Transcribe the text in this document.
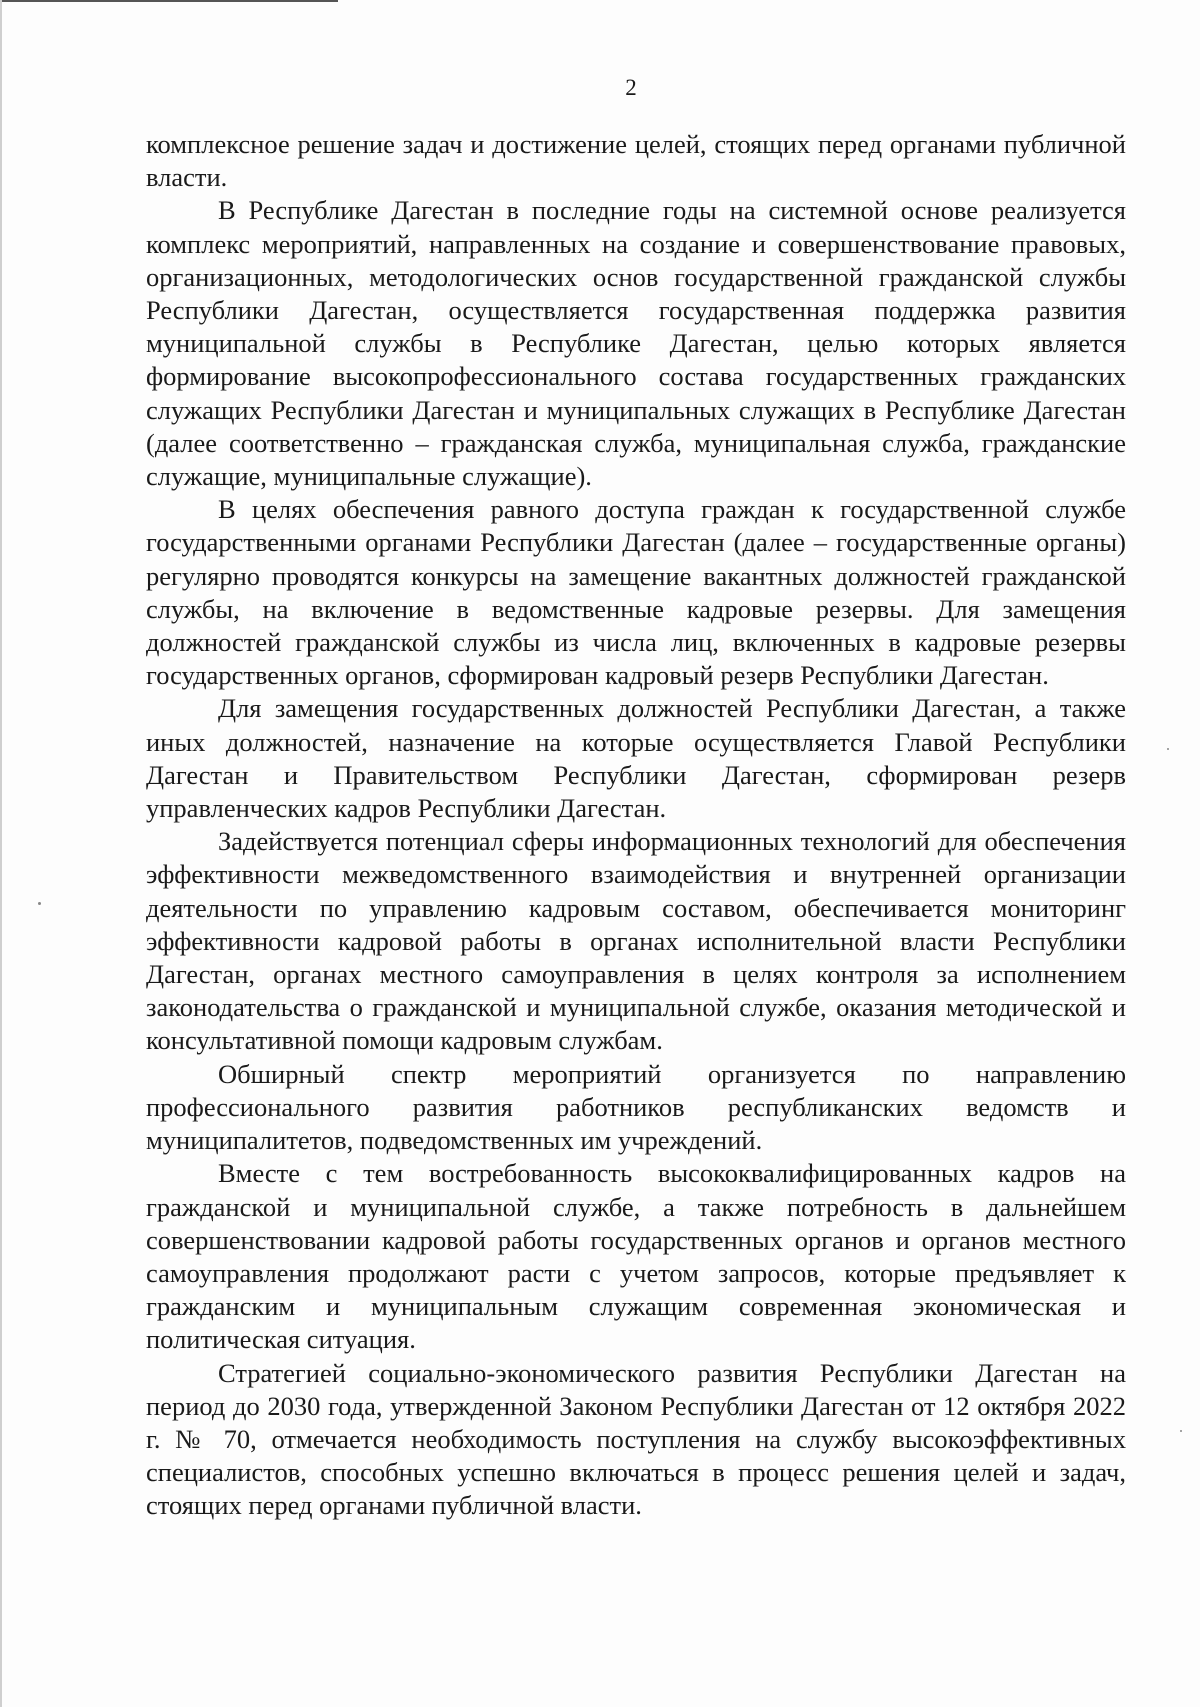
2

комплексное решение задач и достижение целей, стоящих перед органами публичной власти.

В Республике Дагестан в последние годы на системной основе реализуется комплекс мероприятий, направленных на создание и совершенствование правовых, организационных, методологических основ государственной гражданской службы Республики Дагестан, осуществляется государственная поддержка развития муниципальной службы в Республике Дагестан, целью которых является формирование высокопрофессионального состава государственных гражданских служащих Республики Дагестан и муниципальных служащих в Республике Дагестан (далее соответственно – гражданская служба, муниципальная служба, гражданские служащие, муниципальные служащие).

В целях обеспечения равного доступа граждан к государственной службе государственными органами Республики Дагестан (далее – государственные органы) регулярно проводятся конкурсы на замещение вакантных должностей гражданской службы, на включение в ведомственные кадровые резервы. Для замещения должностей гражданской службы из числа лиц, включенных в кадровые резервы государственных органов, сформирован кадровый резерв Республики Дагестан.

Для замещения государственных должностей Республики Дагестан, а также иных должностей, назначение на которые осуществляется Главой Республики Дагестан и Правительством Республики Дагестан, сформирован резерв управленческих кадров Республики Дагестан.

Задействуется потенциал сферы информационных технологий для обеспечения эффективности межведомственного взаимодействия и внутренней организации деятельности по управлению кадровым составом, обеспечивается мониторинг эффективности кадровой работы в органах исполнительной власти Республики Дагестан, органах местного самоуправления в целях контроля за исполнением законодательства о гражданской и муниципальной службе, оказания методической и консультативной помощи кадровым службам.

Обширный спектр мероприятий организуется по направлению профессионального развития работников республиканских ведомств и муниципалитетов, подведомственных им учреждений.

Вместе с тем востребованность высококвалифицированных кадров на гражданской и муниципальной службе, а также потребность в дальнейшем совершенствовании кадровой работы государственных органов и органов местного самоуправления продолжают расти с учетом запросов, которые предъявляет к гражданским и муниципальным служащим современная экономическая и политическая ситуация.

Стратегией социально-экономического развития Республики Дагестан на период до 2030 года, утвержденной Законом Республики Дагестан от 12 октября 2022 г. № 70, отмечается необходимость поступления на службу высокоэффективных специалистов, способных успешно включаться в процесс решения целей и задач, стоящих перед органами публичной власти.
